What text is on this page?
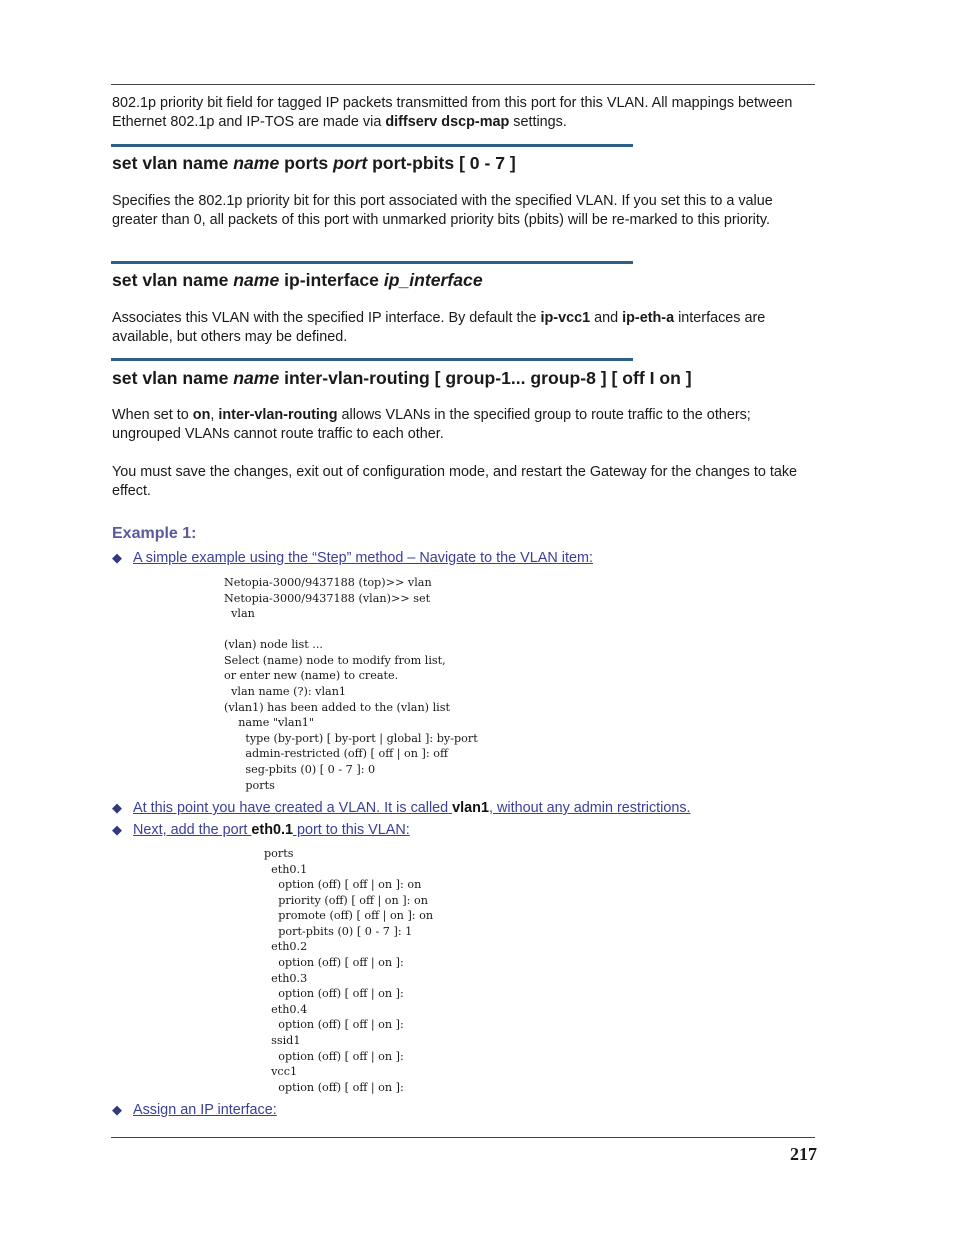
802.1p priority bit field for tagged IP packets transmitted from this port for this VLAN. All mappings between Ethernet 802.1p and IP-TOS are made via diffserv dscp-map settings.
set vlan name name ports port port-pbits [ 0 - 7 ]
Specifies the 802.1p priority bit for this port associated with the specified VLAN. If you set this to a value greater than 0, all packets of this port with unmarked priority bits (pbits) will be re-marked to this priority.
set vlan name name ip-interface ip_interface
Associates this VLAN with the specified IP interface. By default the ip-vcc1 and ip-eth-a interfaces are available, but others may be defined.
set vlan name name inter-vlan-routing [ group-1... group-8 ] [ off I on ]
When set to on, inter-vlan-routing allows VLANs in the specified group to route traffic to the others; ungrouped VLANs cannot route traffic to each other.
You must save the changes, exit out of configuration mode, and restart the Gateway for the changes to take effect.
Example 1:
◆ A simple example using the “Step” method – Navigate to the VLAN item:
Netopia-3000/9437188 (top)>> vlan
Netopia-3000/9437188 (vlan)>> set
vlan

(vlan) node list ...
Select (name) node to modify from list,
or enter new (name) to create.
vlan name (?): vlan1
(vlan1) has been added to the (vlan) list
name "vlan1"
type (by-port) [ by-port | global ]: by-port
admin-restricted (off) [ off | on ]: off
seg-pbits (0) [ 0 - 7 ]: 0
ports
◆ At this point you have created a VLAN. It is called vlan1, without any admin restrictions.
◆ Next, add the port eth0.1 port to this VLAN:
ports
eth0.1
option (off) [ off | on ]: on
priority (off) [ off | on ]: on
promote (off) [ off | on ]: on
port-pbits (0) [ 0 - 7 ]: 1
eth0.2
option (off) [ off | on ]:
eth0.3
option (off) [ off | on ]:
eth0.4
option (off) [ off | on ]:
ssid1
option (off) [ off | on ]:
vcc1
option (off) [ off | on ]:
◆ Assign an IP interface:
217
